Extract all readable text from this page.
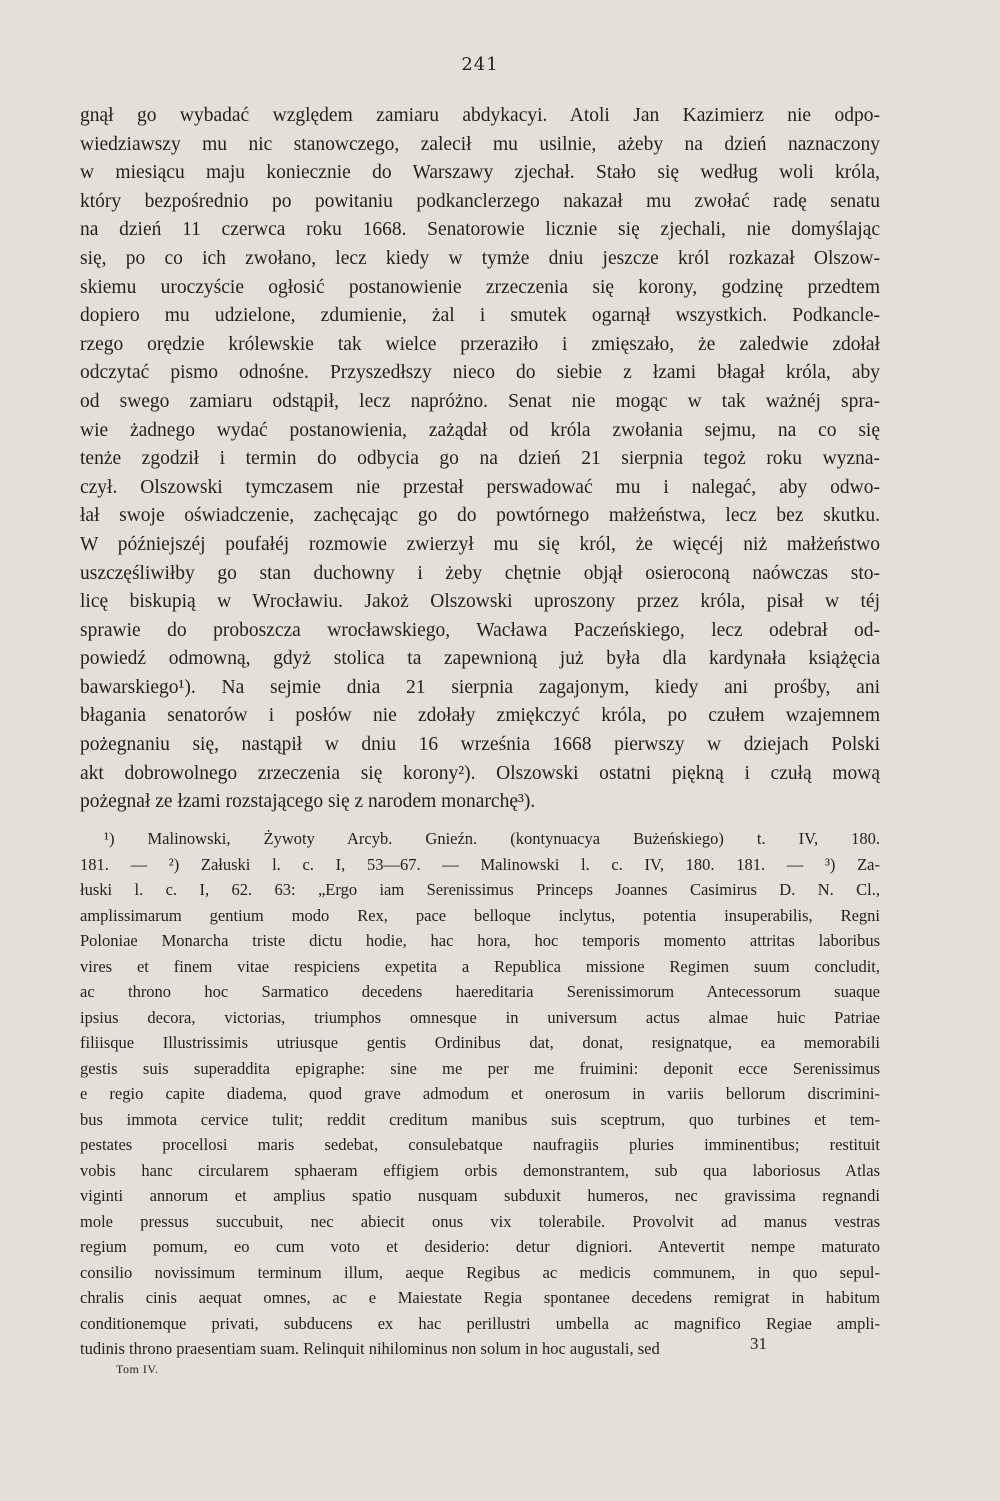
241
gnął go wybadać względem zamiaru abdykacyi. Atoli Jan Kazimierz nie odpo-
wiedziawszy mu nic stanowczego, zalecił mu usilnie, ażeby na dzień naznaczony
w miesiącu maju koniecznie do Warszawy zjechał. Stało się według woli króla,
który bezpośrednio po powitaniu podkanclerzego nakazał mu zwołać radę senatu
na dzień 11 czerwca roku 1668. Senatorowie licznie się zjechali, nie domyślając
się, po co ich zwołano, lecz kiedy w tymże dniu jeszcze król rozkazał Olszow-
skiemu uroczyście ogłosić postanowienie zrzeczenia się korony, godzinę przedtem
dopiero mu udzielone, zdumienie, żal i smutek ogarnął wszystkich. Podkancle-
rzego orędzie królewskie tak wielce przeraziło i zmięszało, że zaledwie zdołał
odczytać pismo odnośne. Przyszedłszy nieco do siebie z łzami błagał króla, aby
od swego zamiaru odstąpił, lecz napróżno. Senat nie mogąc w tak ważnéj spra-
wie żadnego wydać postanowienia, zażądał od króla zwołania sejmu, na co się
tenże zgodził i termin do odbycia go na dzień 21 sierpnia tegoż roku wyzna-
czył. Olszowski tymczasem nie przestał perswadować mu i nalegać, aby odwo-
łał swoje oświadczenie, zachęcając go do powtórnego małżeństwa, lecz bez skutku.
W późniejszéj poufałéj rozmowie zwierzył mu się król, że więcéj niż małżeństwo
uszczęśliwiłby go stan duchowny i żeby chętnie objął osieroconą naówczas sto-
licę biskupią w Wrocławiu. Jakoż Olszowski uproszony przez króla, pisał w téj
sprawie do proboszcza wrocławskiego, Wacława Paczeńskiego, lecz odebrał od-
powiedź odmowną, gdyż stolica ta zapewnioną już była dla kardynała książęcia
bawarskiego¹). Na sejmie dnia 21 sierpnia zagajonym, kiedy ani prośby, ani
błagania senatorów i posłów nie zdołały zmiękczyć króla, po czułem wzajemnem
pożegnaniu się, nastąpił w dniu 16 września 1668 pierwszy w dziejach Polski
akt dobrowolnego zrzeczenia się korony²). Olszowski ostatni piękną i czułą mową
pożegnał ze łzami rozstającego się z narodem monarchę³).
¹) Malinowski, Żywoty Arcyb. Gnieźn. (kontynuacya Bużeńskiego) t. IV, 180.
181. — ²) Załuski l. c. I, 53—67. — Malinowski l. c. IV, 180. 181. — ³) Za-
łuski l. c. I, 62. 63: „Ergo iam Serenissimus Princeps Joannes Casimirus D. N. Cl.,
amplissimarum gentium modo Rex, pace belloque inclytus, potentia insuperabilis, Regni
Poloniae Monarcha triste dictu hodie, hac hora, hoc temporis momento attritas laboribus
vires et finem vitae respiciens expetita a Republica missione Regimen suum concludit,
ac throno hoc Sarmatico decedens haereditaria Serenissimorum Antecessorum suaque
ipsius decora, victorias, triumphos omnesque in universum actus almae huic Patriae
filiisque Illustrissimis utriusque gentis Ordinibus dat, donat, resignatque, ea memorabili
gestis suis superaddita epigraphe: sine me per me fruimini: deponit ecce Serenissimus
e regio capite diadema, quod grave admodum et onerosum in variis bellorum discrimini-
bus immota cervice tulit; reddit creditum manibus suis sceptrum, quo turbines et tem-
pestates procellosi maris sedebat, consulebatque naufragiis pluries imminentibus; restituit
vobis hanc circularem sphaeram effigiem orbis demonstrantem, sub qua laboriosus Atlas
viginti annorum et amplius spatio nusquam subduxit humeros, nec gravissima regnandi
mole pressus succubuit, nec abiecit onus vix tolerabile. Provolvit ad manus vestras
regium pomum, eo cum voto et desiderio: detur digniori. Antevertit nempe maturato
consilio novissimum terminum illum, aeque Regibus ac medicis communem, in quo sepul-
chralis cinis aequat omnes, ac e Maiestate Regia spontanee decedens remigrat in habitum
conditionemque privati, subducens ex hac perillustri umbella ac magnifico Regiae ampli-
tudinis throno praesentiam suam. Relinquit nihilominus non solum in hoc augustali, sed	31
Tom IV.
